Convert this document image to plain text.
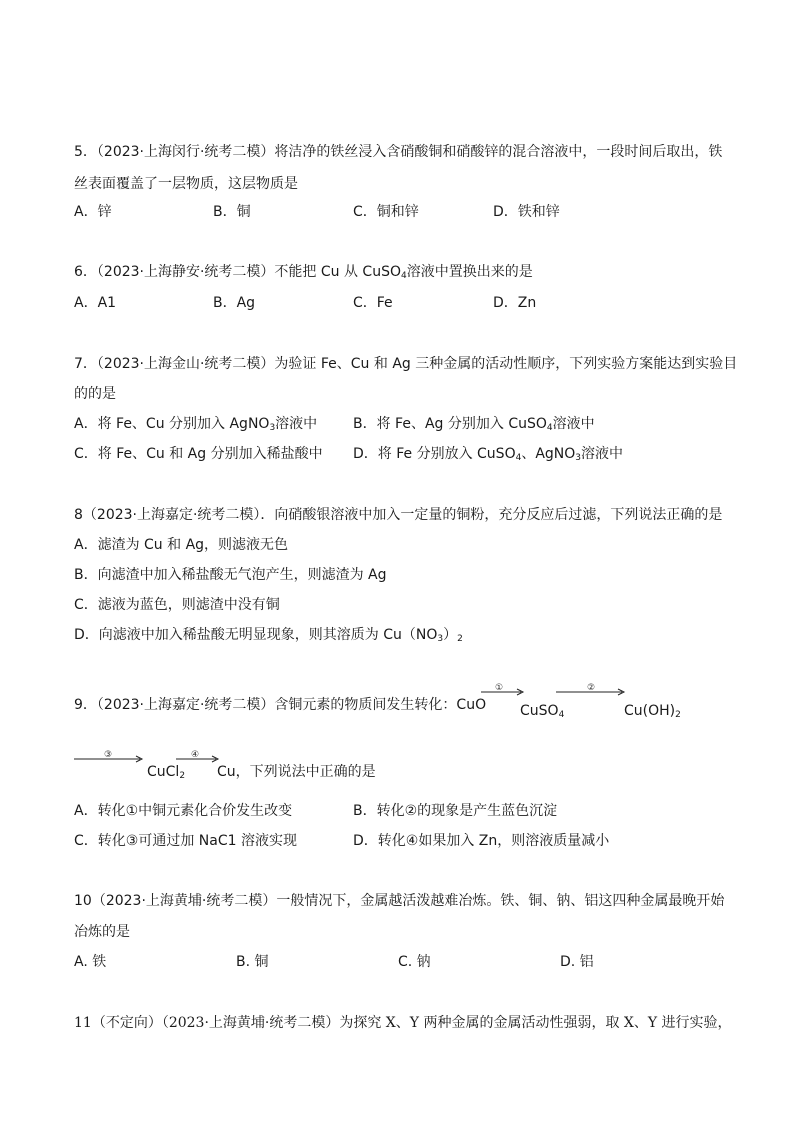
5．（2023·上海闵行·统考二模）将洁净的铁丝浸入含硝酸铜和硝酸锌的混合溶液中，一段时间后取出，铁
丝表面覆盖了一层物质，这层物质是
A．锌	B．铜	C．铜和锌	D．铁和锌
6．（2023·上海静安·统考二模）不能把 Cu 从 CuSO$_4$溶液中置换出来的是
A．A1	B．Ag	C．Fe	D．Zn
7．（2023·上海金山·统考二模）为验证 Fe、Cu 和 Ag 三种金属的活动性顺序，下列实验方案能达到实验目
的的是
A．将 Fe、Cu 分别加入 AgNO$_3$溶液中	B．将 Fe、Ag 分别加入 CuSO$_4$溶液中
C．将 Fe、Cu 和 Ag 分别加入稀盐酸中 D．将 Fe 分别放入 CuSO$_4$、AgNO$_3$溶液中
8（2023·上海嘉定·统考二模）．向硝酸银溶液中加入一定量的铜粉，充分反应后过滤，下列说法正确的是
A．滤渣为 Cu 和 Ag，则滤液无色
B．向滤渣中加入稀盐酸无气泡产生，则滤渣为 Ag
C．滤液为蓝色，则滤渣中没有铜
D．向滤液中加入稀盐酸无明显现象，则其溶质为 $Cu(NO_3)_2$
9．（2023·上海嘉定·统考二模）含铜元素的物质间发生转化：CuO
①
CuSO$_4$
②
$Cu(OH)_2$
③
CuCl$_2$
④
Cu，下列说法中正确的是
A．转化①中铜元素化合价发生改变	B．转化②的现象是产生蓝色沉淀
C．转化③可通过加 NaC1 溶液实现	D．转化④如果加入 Zn，则溶液质量减小
10（2023·上海黄埔·统考二模）一般情况下，金属越活泼越难冶炼。铁、铜、钠、铝这四种金属最晚开始
冶炼的是
A. 铁	B. 铜	C. 钠	D. 铝
11（不定向）（2023·上海黄埔·统考二模）为探究 X、Y 两种金属的金属活动性强弱，取 X、Y 进行实验，
